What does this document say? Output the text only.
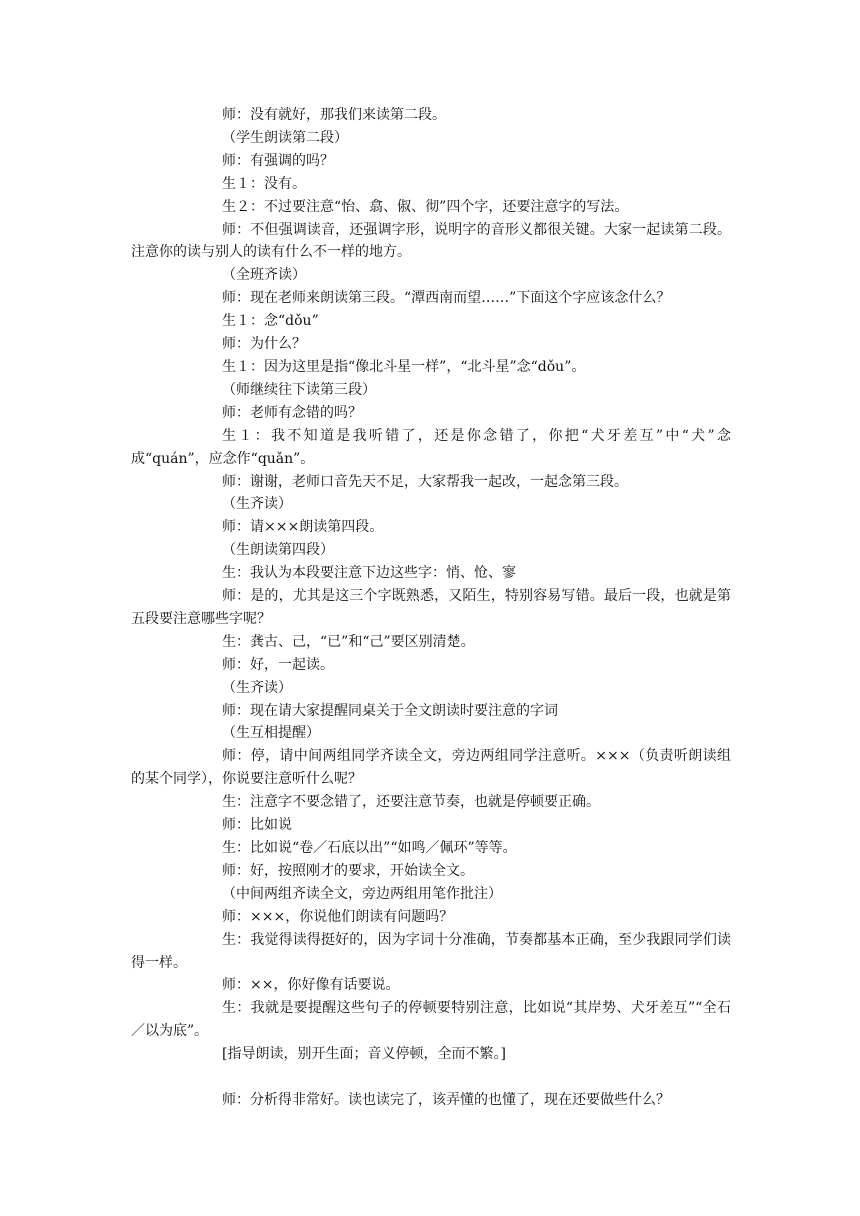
师：没有就好，那我们来读第二段。

（学生朗读第二段）

师：有强调的吗？

生１：没有。

生２：不过要注意“怡、翕、俶、彻”四个字，还要注意字的写法。

师：不但强调读音，还强调字形，说明字的音形义都很关键。大家一起读第二段。注意你的读与别人的读有什么不一样的地方。

（全班齐读）

师：现在老师来朗读第三段。“潭西南而望……”下面这个字应该念什么？

生１：念“dǒu”

师：为什么？

生１：因为这里是指“像北斗星一样”，“北斗星”念“dǒu”。

（师继续往下读第三段）

师：老师有念错的吗？

生１：我不知道是我听错了，还是你念错了，你把“犬牙差互”中“犬”念成“quán”，应念作“quǎn”。

师：谢谢，老师口音先天不足，大家帮我一起改，一起念第三段。

（生齐读）

师：请×××朗读第四段。

（生朗读第四段）

生：我认为本段要注意下边这些字：悄、怆、寥

师：是的，尤其是这三个字既熟悉，又陌生，特别容易写错。最后一段，也就是第五段要注意哪些字呢？

生：龚古、己，“已”和“己”要区别清楚。

师：好，一起读。

（生齐读）

师：现在请大家提醒同桌关于全文朗读时要注意的字词

（生互相提醒）

师：停，请中间两组同学齐读全文，旁边两组同学注意听。×××（负责听朗读组的某个同学），你说要注意听什么呢？

生：注意字不要念错了，还要注意节奏，也就是停顿要正确。

师：比如说

生：比如说“卷／石底以出”“如鸣／佩环”等等。

师：好，按照刚才的要求，开始读全文。

（中间两组齐读全文，旁边两组用笔作批注）

师：×××，你说他们朗读有问题吗？

生：我觉得读得挺好的，因为字词十分准确，节奏都基本正确，至少我跟同学们读得一样。

师：××，你好像有话要说。

生：我就是要提醒这些句子的停顿要特别注意，比如说“其岸势、犬牙差互”“全石／以为底”。

[指导朗读，别开生面；音义停顿，全而不繁。]

师：分析得非常好。读也读完了，该弄懂的也懂了，现在还要做些什么？
